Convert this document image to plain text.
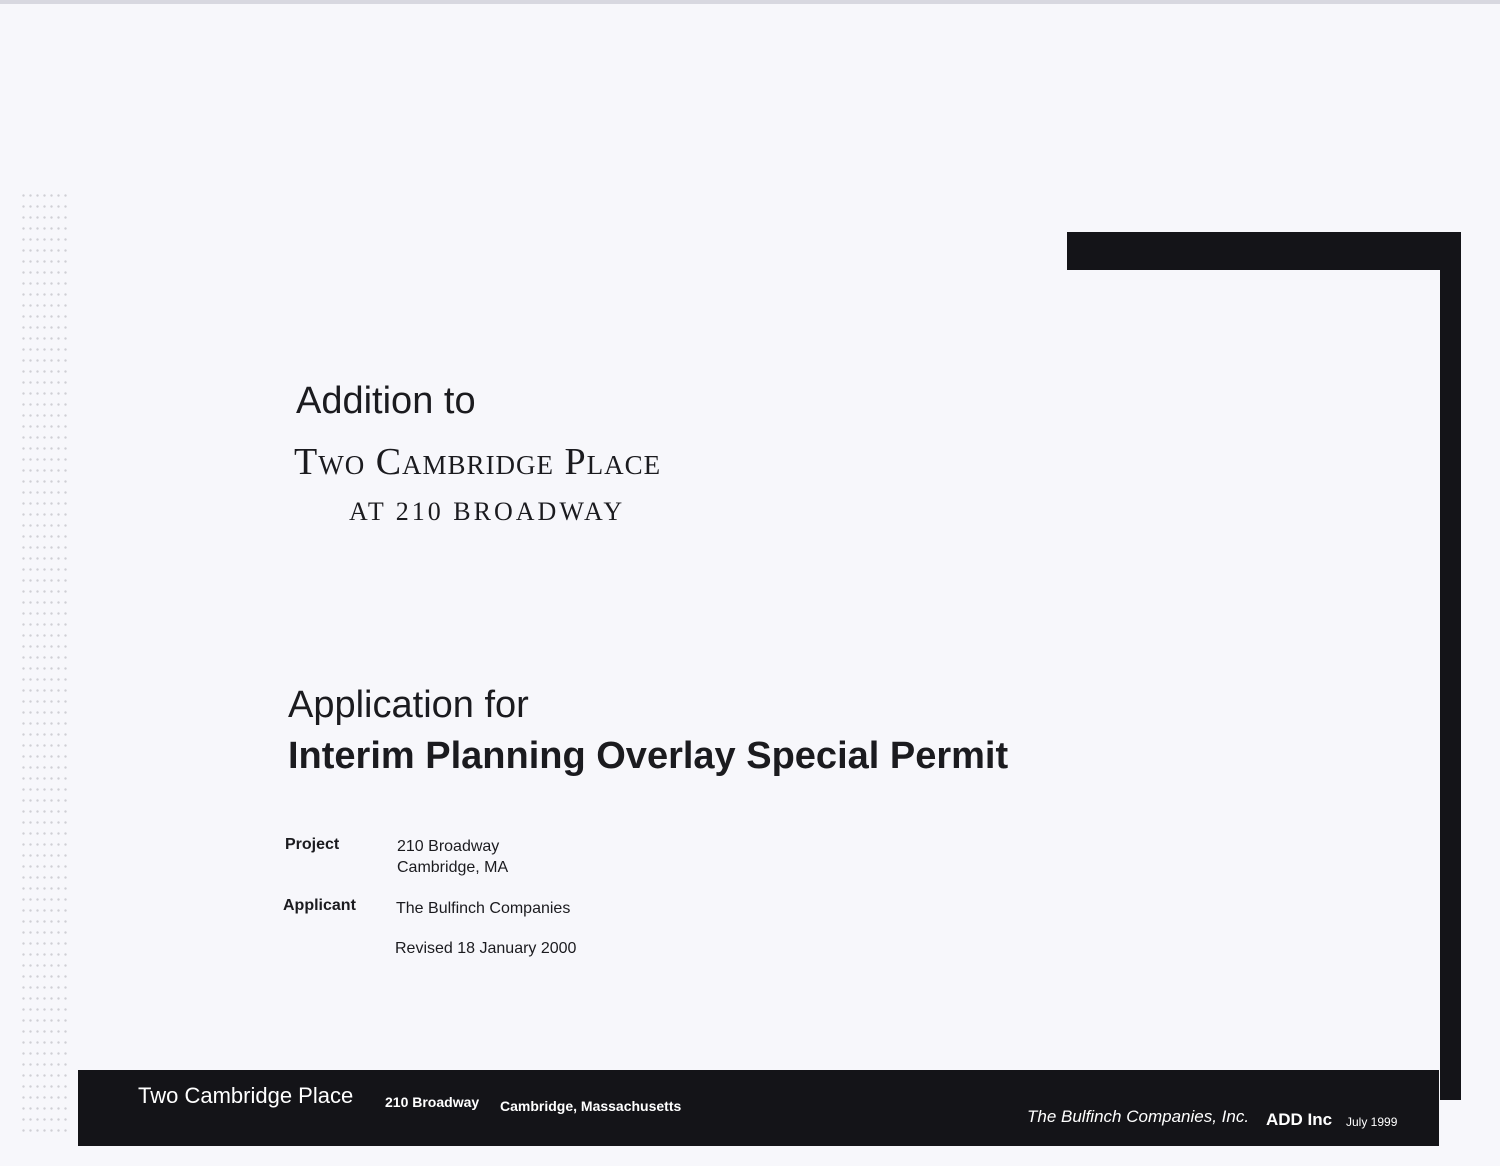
Addition to
Two Cambridge Place
AT 210 BROADWAY
Application for
Interim Planning Overlay Special Permit
Project	210 Broadway
Cambridge, MA
Applicant	The Bulfinch Companies
Revised 18 January 2000
Two Cambridge Place 210 Broadway Cambridge, Massachusetts
The Bulfinch Companies, Inc. ADD Inc July 1999
